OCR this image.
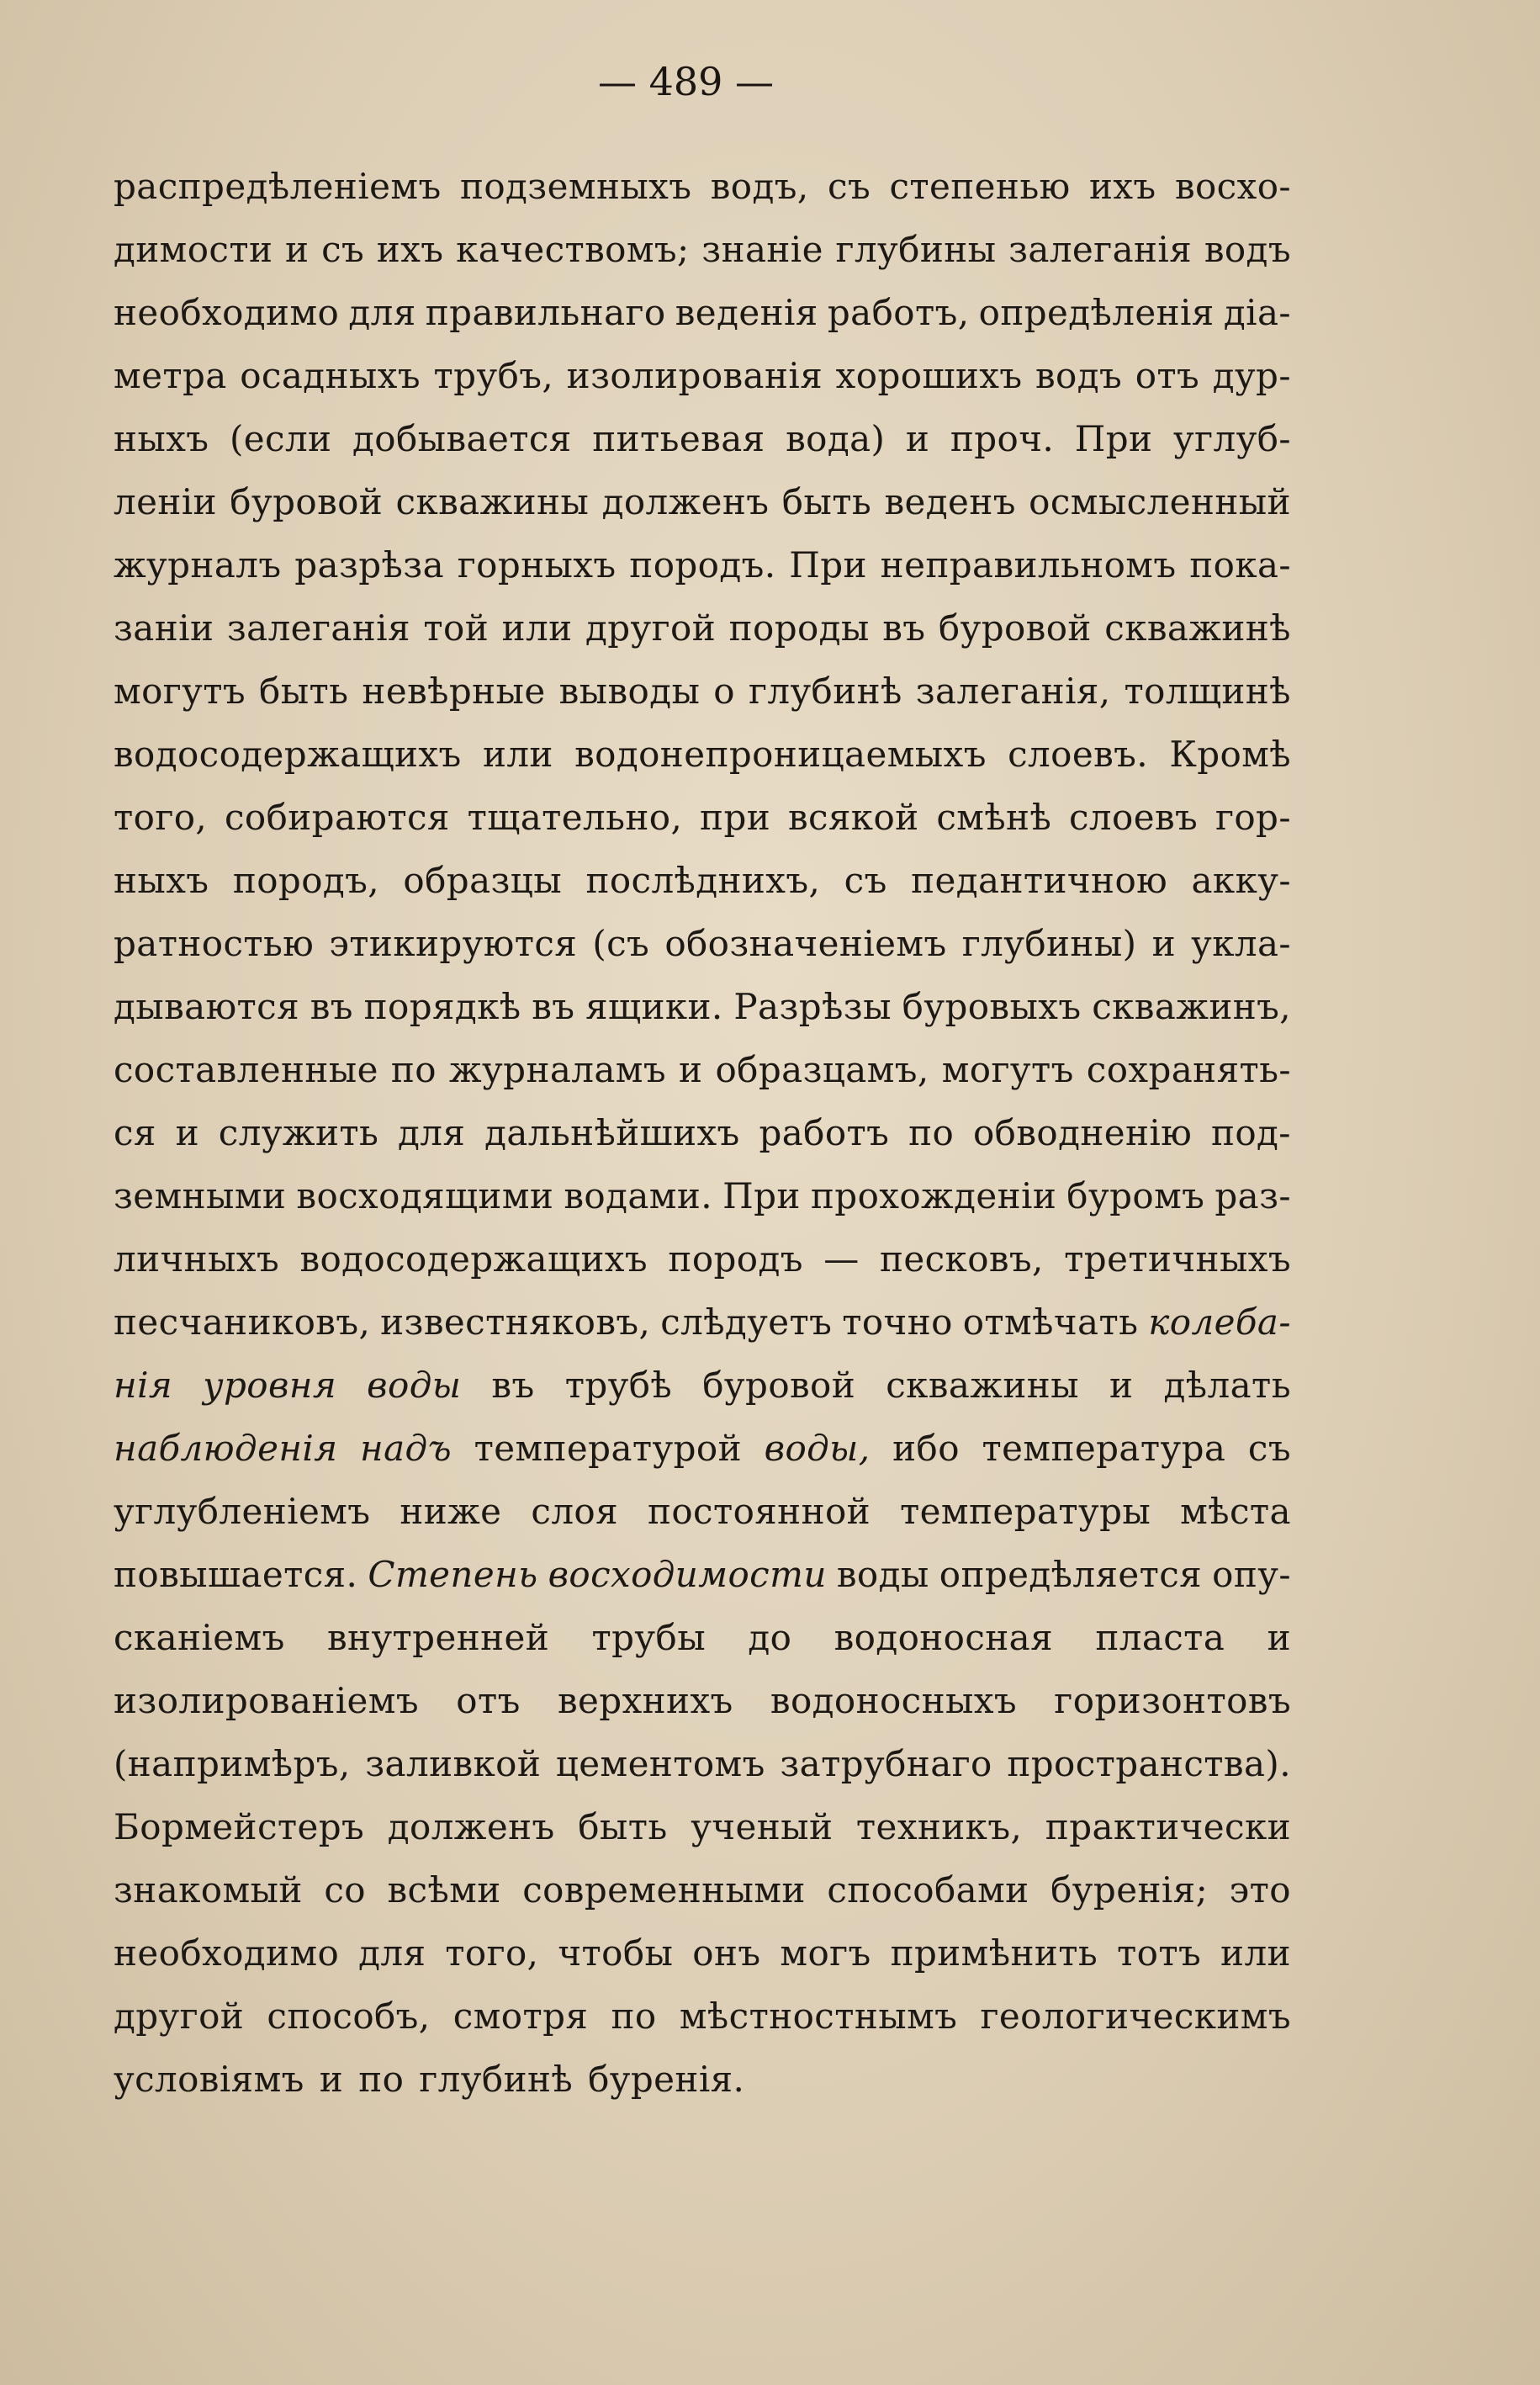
— 489 —
распредѣленіемъ подземныхъ водъ, съ степенью ихъ восхо-
димости и съ ихъ качествомъ; знаніе глубины залеганія водъ
необходимо для правильнаго веденія работъ, опредѣленія діа-
метра осадныхъ трубъ, изолированія хорошихъ водъ отъ дур-
ныхъ (если добывается питьевая вода) и проч. При углуб-
леніи буровой скважины долженъ быть веденъ осмысленный
журналъ разрѣза горныхъ породъ. При неправильномъ пока-
заніи залеганія той или другой породы въ буровой скважинѣ
могутъ быть невѣрные выводы о глубинѣ залеганія, толщинѣ
водосодержащихъ или водонепроницаемыхъ слоевъ. Кромѣ
того, собираются тщательно, при всякой смѣнѣ слоевъ гор-
ныхъ породъ, образцы послѣднихъ, съ педантичною акку-
ратностью этикируются (съ обозначеніемъ глубины) и укла-
дываются въ порядкѣ въ ящики. Разрѣзы буровыхъ скважинъ,
составленные по журналамъ и образцамъ, могутъ сохранять-
ся и служить для дальнѣйшихъ работъ по обводненію под-
земными восходящими водами. При прохожденіи буромъ раз-
личныхъ водосодержащихъ породъ — песковъ, третичныхъ
песчаниковъ, известняковъ, слѣдуетъ точно отмѣчать колеба-
нія уровня воды въ трубѣ буровой скважины и дѣлать
наблюденія надъ температурой воды, ибо температура съ
углубленіемъ ниже слоя постоянной температуры мѣста
повышается. Степень восходимости воды опредѣляется опу-
сканіемъ внутренней трубы до водоносная пласта и
изолированіемъ отъ верхнихъ водоносныхъ горизонтовъ
(напримѣръ, заливкой цементомъ затрубнаго пространства).
Бормейстеръ долженъ быть ученый техникъ, практически
знакомый со всѣми современными способами буренія; это
необходимо для того, чтобы онъ могъ примѣнить тотъ или
другой способъ, смотря по мѣстностнымъ геологическимъ
условіямъ и по глубинѣ буренія.
